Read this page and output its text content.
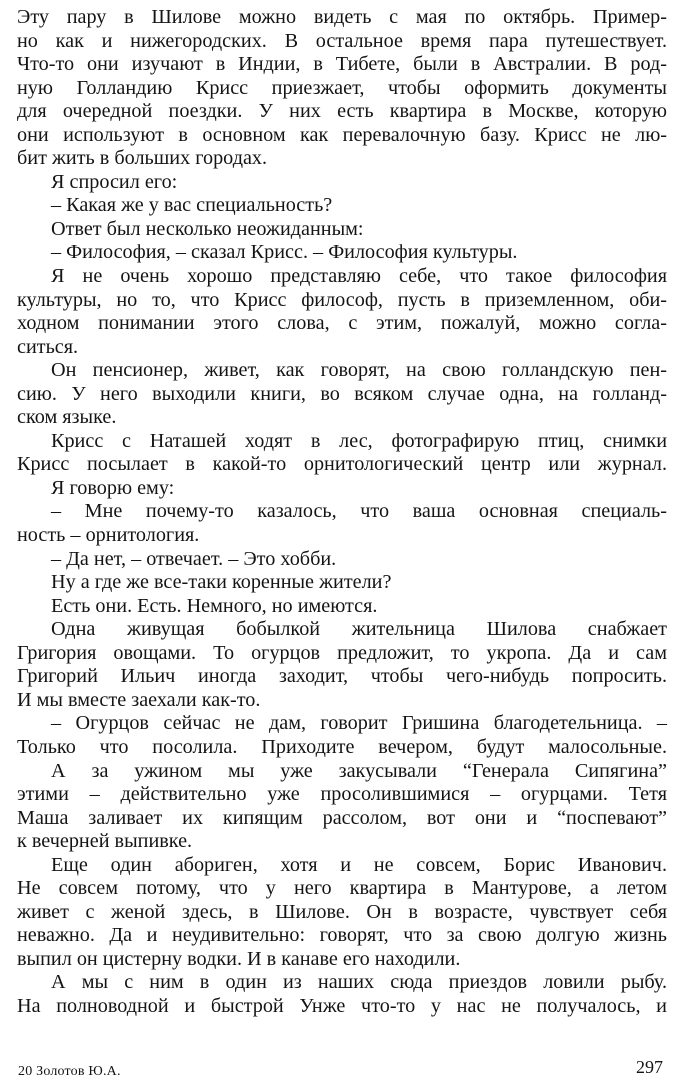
Эту пару в Шилове можно видеть с мая по октябрь. Пример-
но как и нижегородских. В остальное время пара путешествует.
Что-то они изучают в Индии, в Тибете, были в Австралии. В род-
ную Голландию Крисс приезжает, чтобы оформить документы
для очередной поездки. У них есть квартира в Москве, которую
они используют в основном как перевалочную базу. Крисс не лю-
бит жить в больших городах.
Я спросил его:
– Какая же у вас специальность?
Ответ был несколько неожиданным:
– Философия, – сказал Крисс. – Философия культуры.
Я не очень хорошо представляю себе, что такое философия
культуры, но то, что Крисс философ, пусть в приземленном, оби-
ходном понимании этого слова, с этим, пожалуй, можно согла-
ситься.
Он пенсионер, живет, как говорят, на свою голландскую пен-
сию. У него выходили книги, во всяком случае одна, на голланд-
ском языке.
Крисс с Наташей ходят в лес, фотографирую птиц, снимки
Крисс посылает в какой-то орнитологический центр или журнал.
Я говорю ему:
– Мне почему-то казалось, что ваша основная специаль-
ность – орнитология.
– Да нет, – отвечает. – Это хобби.
Ну а где же все-таки коренные жители?
Есть они. Есть. Немного, но имеются.
Одна живущая бобылкой жительница Шилова снабжает
Григория овощами. То огурцов предложит, то укропа. Да и сам
Григорий Ильич иногда заходит, чтобы чего-нибудь попросить.
И мы вместе заехали как-то.
– Огурцов сейчас не дам, говорит Гришина благодетельница. –
Только что посолила. Приходите вечером, будут малосольные.
А за ужином мы уже закусывали “Генерала Сипягина”
этими – действительно уже просолившимися – огурцами. Тетя
Маша заливает их кипящим рассолом, вот они и “поспевают”
к вечерней выпивке.
Еще один абориген, хотя и не совсем, Борис Иванович.
Не совсем потому, что у него квартира в Мантурове, а летом
живет с женой здесь, в Шилове. Он в возрасте, чувствует себя
неважно. Да и неудивительно: говорят, что за свою долгую жизнь
выпил он цистерну водки. И в канаве его находили.
А мы с ним в один из наших сюда приездов ловили рыбу.
На полноводной и быстрой Унже что-то у нас не получалось, и
20 Золотов Ю.А.	297
